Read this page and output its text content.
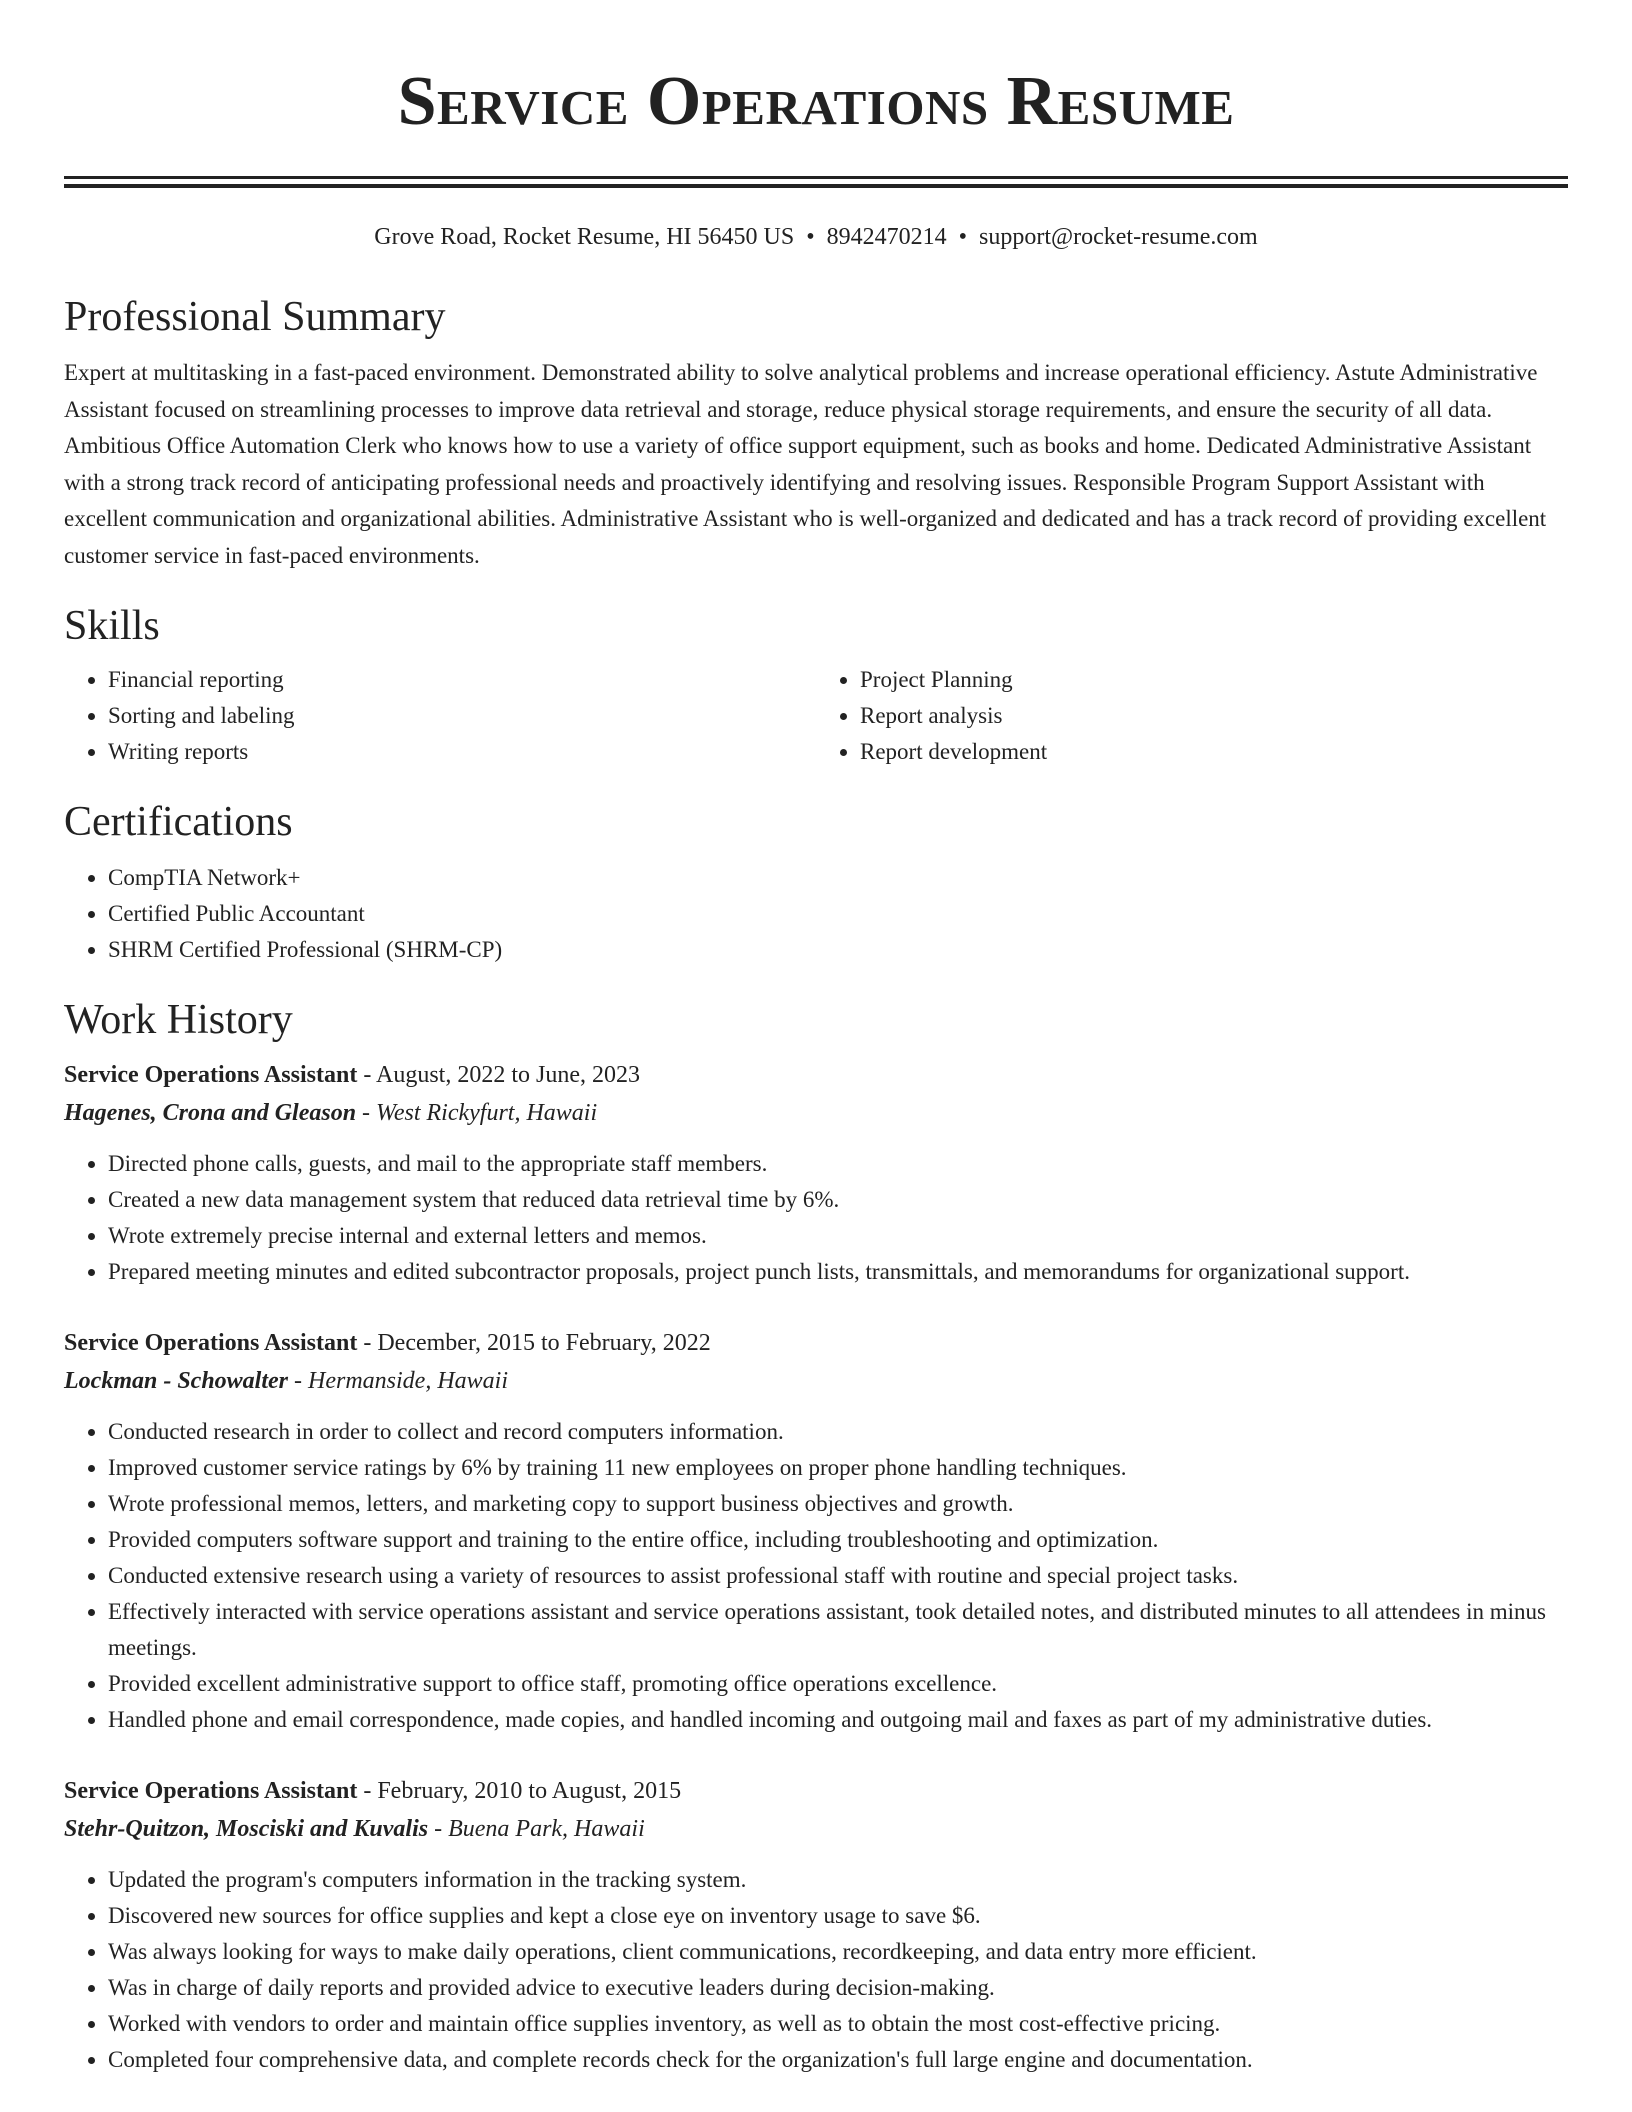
Service Operations Resume
Grove Road, Rocket Resume, HI 56450 US • 8942470214 • support@rocket-resume.com
Professional Summary

Expert at multitasking in a fast-paced environment. Demonstrated ability to solve analytical problems and increase operational efficiency. Astute Administrative Assistant focused on streamlining processes to improve data retrieval and storage, reduce physical storage requirements, and ensure the security of all data. Ambitious Office Automation Clerk who knows how to use a variety of office support equipment, such as books and home. Dedicated Administrative Assistant with a strong track record of anticipating professional needs and proactively identifying and resolving issues. Responsible Program Support Assistant with excellent communication and organizational abilities. Administrative Assistant who is well-organized and dedicated and has a track record of providing excellent customer service in fast-paced environments.

Skills
• Financial reporting
• Sorting and labeling
• Writing reports
• Project Planning
• Report analysis
• Report development
Certifications
• CompTIA Network+
• Certified Public Accountant
• SHRM Certified Professional (SHRM-CP)
Work History
Service Operations Assistant - August, 2022 to June, 2023
Hagenes, Crona and Gleason - West Rickyfurt, Hawaii
• Directed phone calls, guests, and mail to the appropriate staff members.
• Created a new data management system that reduced data retrieval time by 6%.
• Wrote extremely precise internal and external letters and memos.
• Prepared meeting minutes and edited subcontractor proposals, project punch lists, transmittals, and memorandums for organizational support.
Service Operations Assistant - December, 2015 to February, 2022
Lockman - Schowalter - Hermanside, Hawaii
• Conducted research in order to collect and record computers information.
• Improved customer service ratings by 6% by training 11 new employees on proper phone handling techniques.
• Wrote professional memos, letters, and marketing copy to support business objectives and growth.
• Provided computers software support and training to the entire office, including troubleshooting and optimization.
• Conducted extensive research using a variety of resources to assist professional staff with routine and special project tasks.
• Effectively interacted with service operations assistant and service operations assistant, took detailed notes, and distributed minutes to all attendees in minus meetings.
• Provided excellent administrative support to office staff, promoting office operations excellence.
• Handled phone and email correspondence, made copies, and handled incoming and outgoing mail and faxes as part of my administrative duties.
Service Operations Assistant - February, 2010 to August, 2015
Stehr-Quitzon, Mosciski and Kuvalis - Buena Park, Hawaii
• Updated the program's computers information in the tracking system.
• Discovered new sources for office supplies and kept a close eye on inventory usage to save $6.
• Was always looking for ways to make daily operations, client communications, recordkeeping, and data entry more efficient.
• Was in charge of daily reports and provided advice to executive leaders during decision-making.
• Worked with vendors to order and maintain office supplies inventory, as well as to obtain the most cost-effective pricing.
• Completed four comprehensive data, and complete records check for the organization's full large engine and documentation.
